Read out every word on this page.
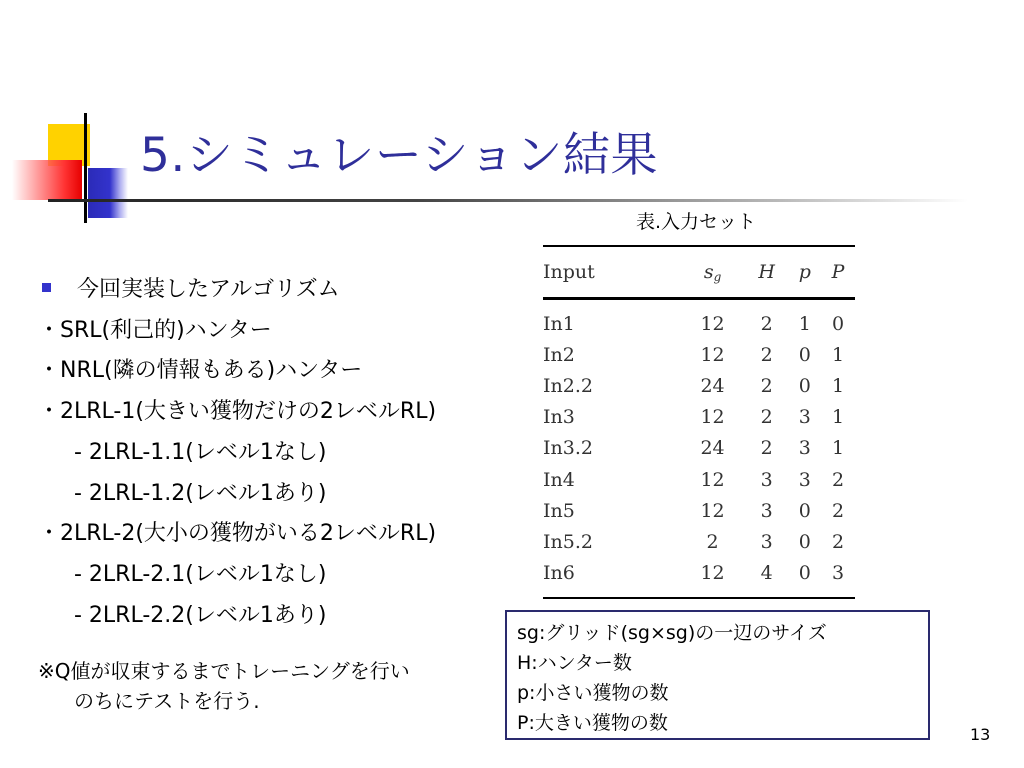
5.シミュレーション結果
今回実装したアルゴリズム
・SRL(利己的)ハンター
・NRL(隣の情報もある)ハンター
・2LRL-1(大きい獲物だけの2レベルRL)
- 2LRL-1.1(レベル1なし)
- 2LRL-1.2(レベル1あり)
・2LRL-2(大小の獲物がいる2レベルRL)
- 2LRL-2.1(レベル1なし)
- 2LRL-2.2(レベル1あり)
※Q値が収束するまでトレーニングを行い
のちにテストを行う.
表.入力セット
Input	$s_g$	H	p	P
In1	12	2	1	0
In2	12	2	0	1
In2.2	24	2	0	1
In3	12	2	3	1
In3.2	24	2	3	1
In4	12	3	3	2
In5	12	3	0	2
In5.2	2	3	0	2
In6	12	4	0	3
sg:グリッド(sg×sg)の一辺のサイズ
H:ハンター数
p:小さい獲物の数
P:大きい獲物の数
13
